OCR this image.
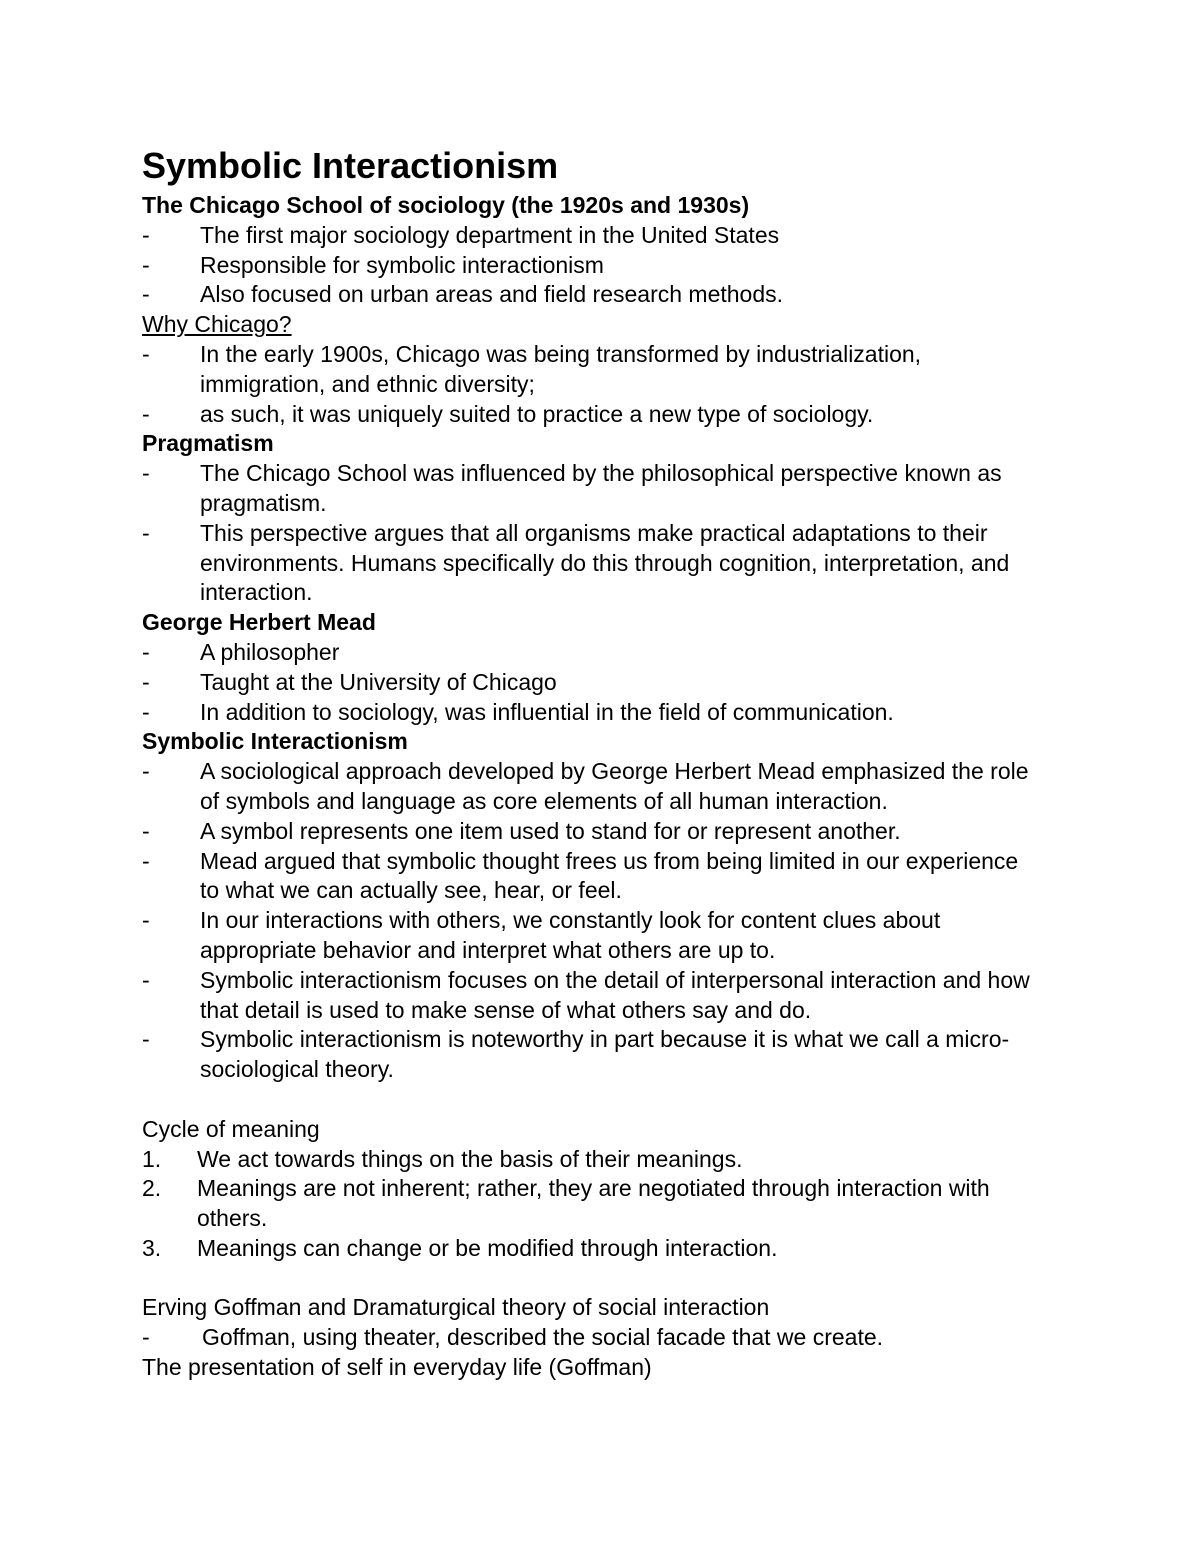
Symbolic Interactionism
The Chicago School of sociology (the 1920s and 1930s)
-	The first major sociology department in the United States
-	Responsible for symbolic interactionism
-	Also focused on urban areas and field research methods.
Why Chicago?
-	In the early 1900s, Chicago was being transformed by industrialization, immigration, and ethnic diversity;
-	as such, it was uniquely suited to practice a new type of sociology.
Pragmatism
-	The Chicago School was influenced by the philosophical perspective known as pragmatism.
-	This perspective argues that all organisms make practical adaptations to their environments. Humans specifically do this through cognition, interpretation, and interaction.
George Herbert Mead
-	A philosopher
-	Taught at the University of Chicago
-	In addition to sociology, was influential in the field of communication.
Symbolic Interactionism
-	A sociological approach developed by George Herbert Mead emphasized the role of symbols and language as core elements of all human interaction.
-	A symbol represents one item used to stand for or represent another.
-	Mead argued that symbolic thought frees us from being limited in our experience to what we can actually see, hear, or feel.
-	In our interactions with others, we constantly look for content clues about appropriate behavior and interpret what others are up to.
-	Symbolic interactionism focuses on the detail of interpersonal interaction and how that detail is used to make sense of what others say and do.
-	Symbolic interactionism is noteworthy in part because it is what we call a micro-sociological theory.
Cycle of meaning
1.	We act towards things on the basis of their meanings.
2.	Meanings are not inherent; rather, they are negotiated through interaction with others.
3.	Meanings can change or be modified through interaction.
Erving Goffman and Dramaturgical theory of social interaction
-	Goffman, using theater, described the social facade that we create.
The presentation of self in everyday life (Goffman)
